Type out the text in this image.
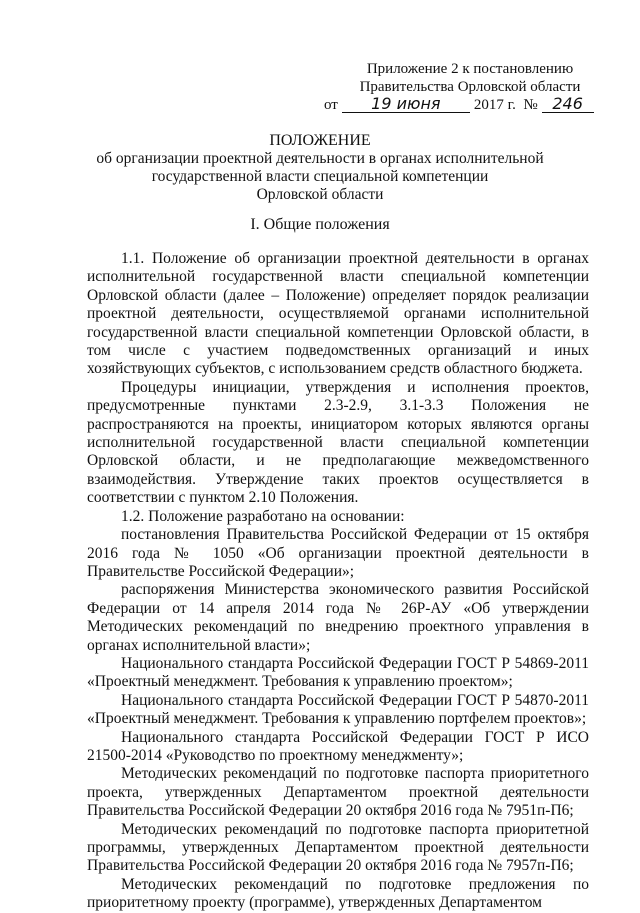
Приложение 2 к постановлению
Правительства Орловской области
от 19 июня 2017 г. № 246
ПОЛОЖЕНИЕ
об организации проектной деятельности в органах исполнительной
государственной власти специальной компетенции
Орловской области
I. Общие положения

1.1. Положение об организации проектной деятельности в органах исполнительной государственной власти специальной компетенции Орловской области (далее – Положение) определяет порядок реализации проектной деятельности, осуществляемой органами исполнительной государственной власти специальной компетенции Орловской области, в том числе с участием подведомственных организаций и иных хозяйствующих субъектов, с использованием средств областного бюджета.

Процедуры инициации, утверждения и исполнения проектов, предусмотренные пунктами 2.3-2.9, 3.1-3.3 Положения не распространяются на проекты, инициатором которых являются органы исполнительной государственной власти специальной компетенции Орловской области, и не предполагающие межведомственного взаимодействия. Утверждение таких проектов осуществляется в соответствии с пунктом 2.10 Положения.

1.2. Положение разработано на основании:

постановления Правительства Российской Федерации от 15 октября 2016 года № 1050 «Об организации проектной деятельности в Правительстве Российской Федерации»;

распоряжения Министерства экономического развития Российской Федерации от 14 апреля 2014 года № 26Р-АУ «Об утверждении Методических рекомендаций по внедрению проектного управления в органах исполнительной власти»;

Национального стандарта Российской Федерации ГОСТ Р 54869-2011 «Проектный менеджмент. Требования к управлению проектом»;

Национального стандарта Российской Федерации ГОСТ Р 54870-2011 «Проектный менеджмент. Требования к управлению портфелем проектов»;

Национального стандарта Российской Федерации ГОСТ Р ИСО 21500-2014 «Руководство по проектному менеджменту»;

Методических рекомендаций по подготовке паспорта приоритетного проекта, утвержденных Департаментом проектной деятельности Правительства Российской Федерации 20 октября 2016 года № 7951п-П6;

Методических рекомендаций по подготовке паспорта приоритетной программы, утвержденных Департаментом проектной деятельности Правительства Российской Федерации 20 октября 2016 года № 7957п-П6;

Методических рекомендаций по подготовке предложения по приоритетному проекту (программе), утвержденных Департаментом
